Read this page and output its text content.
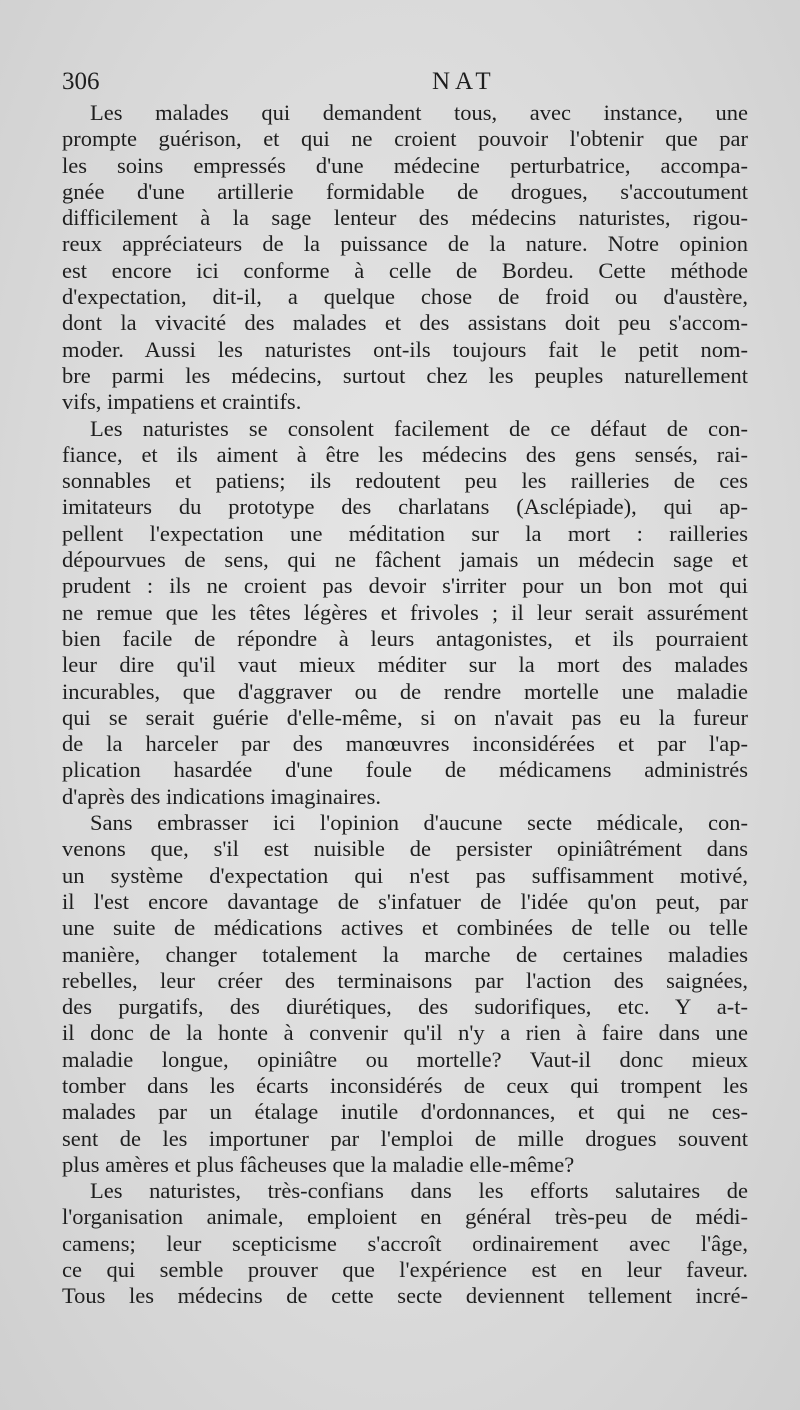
306	NAT
Les malades qui demandent tous, avec instance, une
prompte guérison, et qui ne croient pouvoir l'obtenir que par
les soins empressés d'une médecine perturbatrice, accompa-
gnée d'une artillerie formidable de drogues, s'accoutument
difficilement à la sage lenteur des médecins naturistes, rigou-
reux appréciateurs de la puissance de la nature. Notre opinion
est encore ici conforme à celle de Bordeu. Cette méthode
d'expectation, dit-il, a quelque chose de froid ou d'austère,
dont la vivacité des malades et des assistans doit peu s'accom-
moder. Aussi les naturistes ont-ils toujours fait le petit nom-
bre parmi les médecins, surtout chez les peuples naturellement
vifs, impatiens et craintifs.
Les naturistes se consolent facilement de ce défaut de con-
fiance, et ils aiment à être les médecins des gens sensés, rai-
sonnables et patiens; ils redoutent peu les railleries de ces
imitateurs du prototype des charlatans (Asclépiade), qui ap-
pellent l'expectation une méditation sur la mort : railleries
dépourvues de sens, qui ne fâchent jamais un médecin sage et
prudent : ils ne croient pas devoir s'irriter pour un bon mot qui
ne remue que les têtes légères et frivoles ; il leur serait assurément
bien facile de répondre à leurs antagonistes, et ils pourraient
leur dire qu'il vaut mieux méditer sur la mort des malades
incurables, que d'aggraver ou de rendre mortelle une maladie
qui se serait guérie d'elle-même, si on n'avait pas eu la fureur
de la harceler par des manœuvres inconsidérées et par l'ap-
plication hasardée d'une foule de médicamens administrés
d'après des indications imaginaires.
Sans embrasser ici l'opinion d'aucune secte médicale, con-
venons que, s'il est nuisible de persister opiniâtrément dans
un système d'expectation qui n'est pas suffisamment motivé,
il l'est encore davantage de s'infatuer de l'idée qu'on peut, par
une suite de médications actives et combinées de telle ou telle
manière, changer totalement la marche de certaines maladies
rebelles, leur créer des terminaisons par l'action des saignées,
des purgatifs, des diurétiques, des sudorifiques, etc. Y a-t-
il donc de la honte à convenir qu'il n'y a rien à faire dans une
maladie longue, opiniâtre ou mortelle? Vaut-il donc mieux
tomber dans les écarts inconsidérés de ceux qui trompent les
malades par un étalage inutile d'ordonnances, et qui ne ces-
sent de les importuner par l'emploi de mille drogues souvent
plus amères et plus fâcheuses que la maladie elle-même?
Les naturistes, très-confians dans les efforts salutaires de
l'organisation animale, emploient en général très-peu de médi-
camens; leur scepticisme s'accroît ordinairement avec l'âge,
ce qui semble prouver que l'expérience est en leur faveur.
Tous les médecins de cette secte deviennent tellement incré-
